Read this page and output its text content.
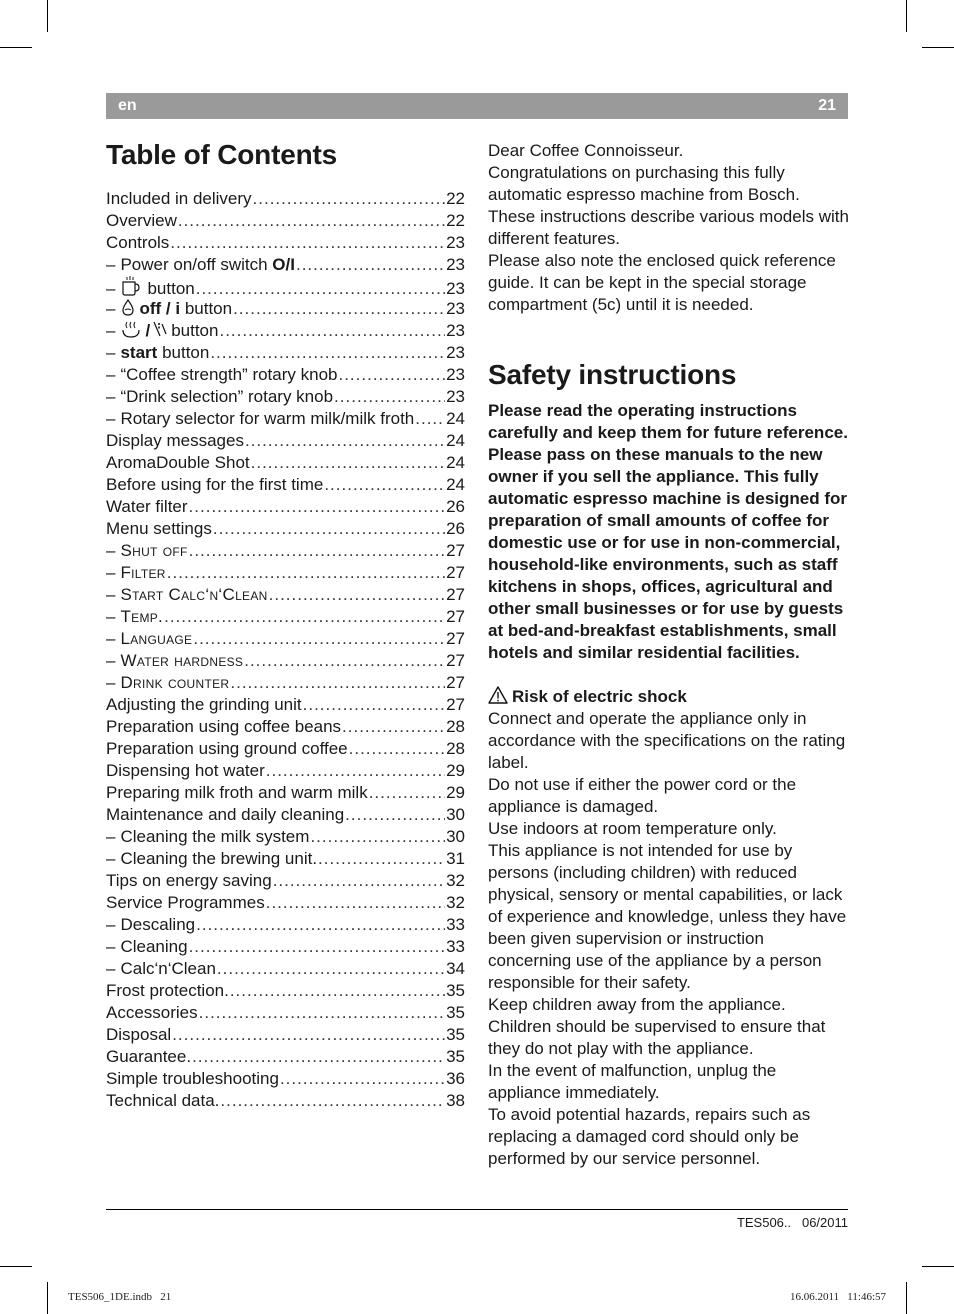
en	21
Table of Contents
Included in delivery .....	22
Overview .....	22
Controls .....	23
– Power on/off switch O/I .....	23
–	button .....	23
–	off / i button .....	23
–	/ button .....	23
– start button .....	23
– “Coffee strength” rotary knob .....	23
– “Drink selection” rotary knob .....	23
– Rotary selector for warm milk/milk froth ..... 24
Display messages .....	24
AromaDouble Shot .....	24
Before using for the first time .....	24
Water filter .....	26
Menu settings .....	26
– Shut off .....	27
– Filter .....	27
– Start Calc‘n‘Clean .....	27
– Temp. .....	27
– Language .....	27
– Water hardness .....	27
– Drink counter .....	27
Adjusting the grinding unit .....	27
Preparation using coffee beans .....	28
Preparation using ground coffee .....	28
Dispensing hot water .....	29
Preparing milk froth and warm milk .....	29
Maintenance and daily cleaning .....	30
– Cleaning the milk system .....	30
– Cleaning the brewing unit. .....	31
Tips on energy saving .....	32
Service Programmes .....	32
– Descaling .....	33
– Cleaning .....	33
– Calc‘n‘Clean .....	34
Frost protection. .....	35
Accessories .....	35
Disposal .....	35
Guarantee. .....	35
Simple troubleshooting .....	36
Technical data. .....	38

Dear Coffee Connoisseur.

Congratulations on purchasing this fully automatic espresso machine from Bosch. These instructions describe various models with different features.

Please also note the enclosed quick reference guide. It can be kept in the special storage compartment (5c) until it is needed.

Safety instructions

Please read the operating instructions carefully and keep them for future reference. Please pass on these manuals to the new owner if you sell the appliance. This fully automatic espresso machine is designed for preparation of small amounts of coffee for domestic use or for use in non-commercial, household-like environments, such as staff kitchens in shops, offices, agricultural and other small businesses or for use by guests at bed-and-breakfast establishments, small hotels and similar residential facilities.

Risk of electric shock

Connect and operate the appliance only in accordance with the specifications on the rating label.

Do not use if either the power cord or the appliance is damaged.

Use indoors at room temperature only.

This appliance is not intended for use by persons (including children) with reduced physical, sensory or mental capabilities, or lack of experience and knowledge, unless they have been given supervision or instruction concerning use of the appliance by a person responsible for their safety.

Keep children away from the appliance.

Children should be supervised to ensure that they do not play with the appliance.

In the event of malfunction, unplug the appliance immediately.

To avoid potential hazards, repairs such as replacing a damaged cord should only be performed by our service personnel.

TES506..   06/2011
TES506_1DE.indb   21	16.06.2011   11:46:57
